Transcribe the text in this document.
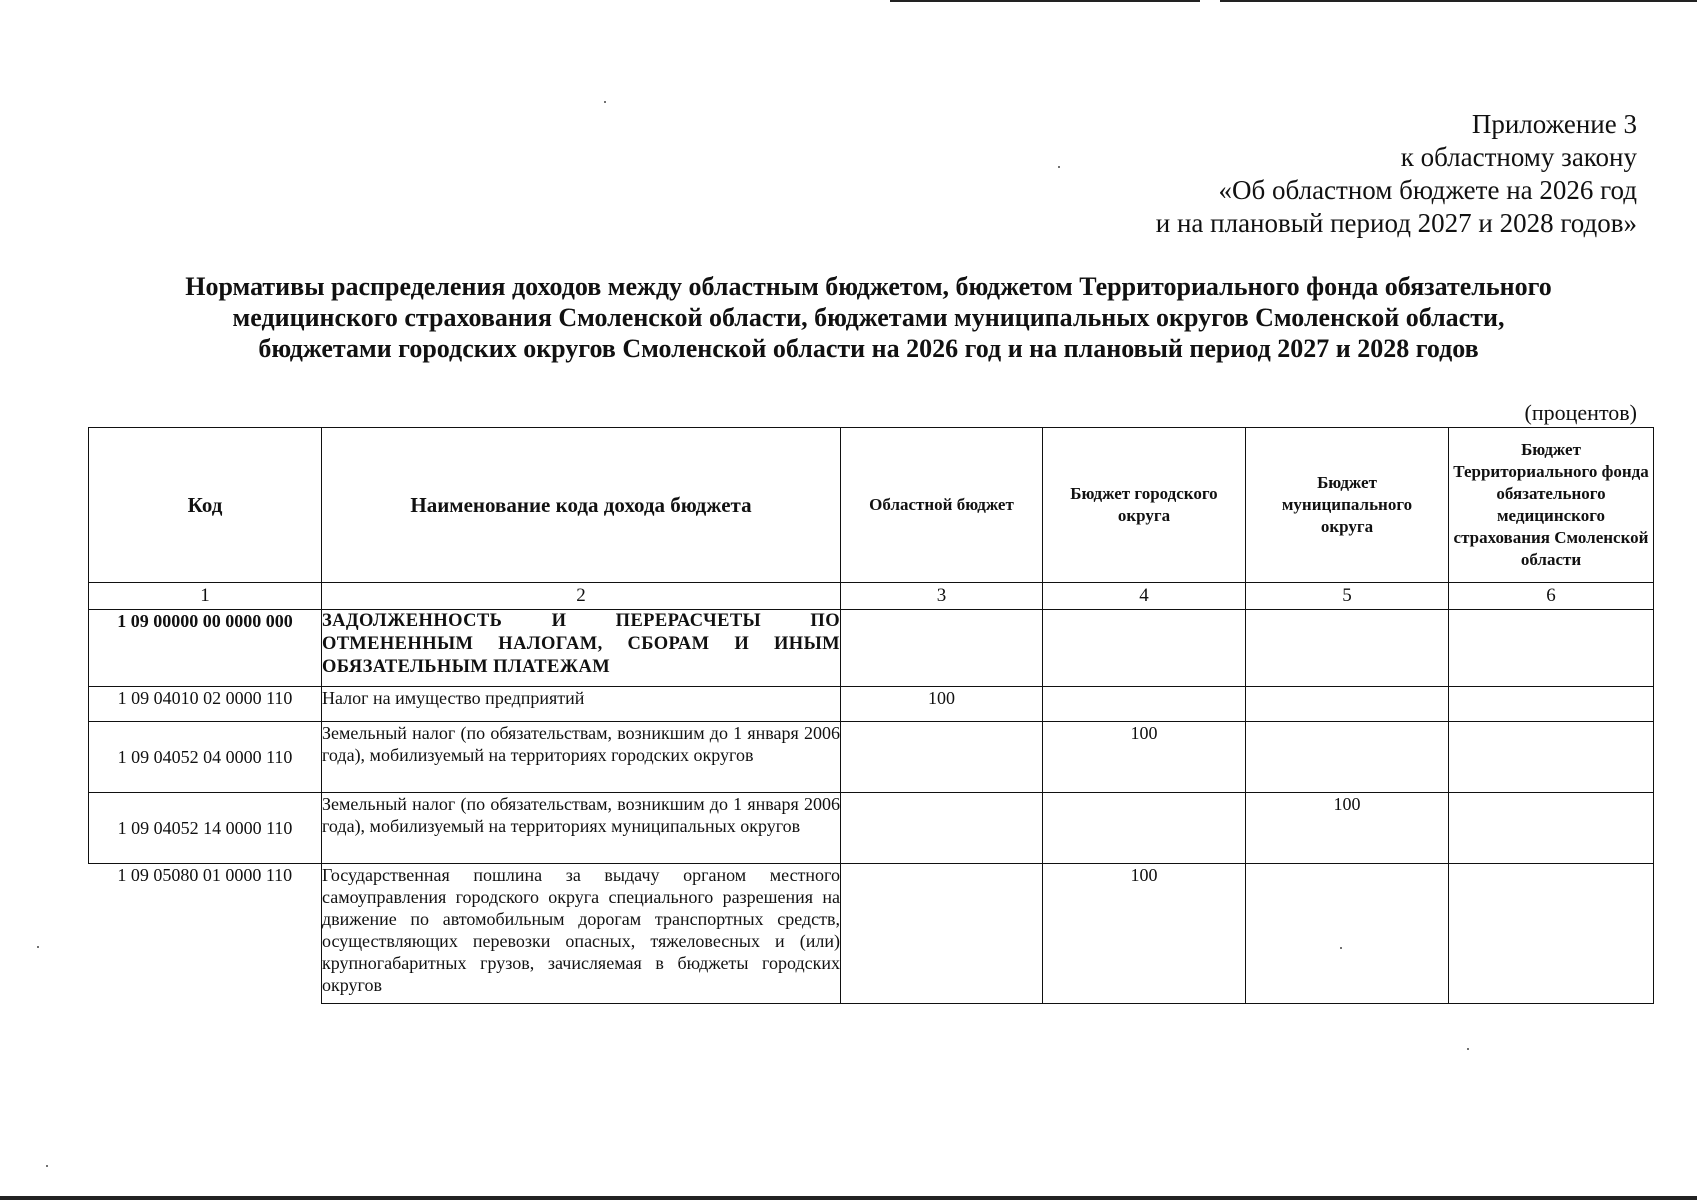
Приложение 3
к областному закону
«Об областном бюджете на 2026 год
и на плановый период 2027 и 2028 годов»
Нормативы распределения доходов между областным бюджетом, бюджетом Территориального фонда обязательного
медицинского страхования Смоленской области, бюджетами муниципальных округов Смоленской области,
бюджетами городских округов Смоленской области на 2026 год и на плановый период 2027 и 2028 годов
(процентов)
Код	Наименование кода дохода бюджета	Областной бюджет	Бюджет городского округа	Бюджет муниципального округа	Бюджет Территориального фонда обязательного медицинского страхования Смоленской области
1	2	3	4	5	6
1 09 00000 00 0000 000	ЗАДОЛЖЕННОСТЬ И ПЕРЕРАСЧЕТЫ ПО ОТМЕНЕННЫМ НАЛОГАМ, СБОРАМ И ИНЫМ ОБЯЗАТЕЛЬНЫМ ПЛАТЕЖАМ				
1 09 04010 02 0000 110	Налог на имущество предприятий	100			
1 09 04052 04 0000 110	Земельный налог (по обязательствам, возникшим до 1 января 2006 года), мобилизуемый на территориях городских округов		100		
1 09 04052 14 0000 110	Земельный налог (по обязательствам, возникшим до 1 января 2006 года), мобилизуемый на территориях муниципальных округов			100	
1 09 05080 01 0000 110	Государственная пошлина за выдачу органом местного самоуправления городского округа специального разрешения на движение по автомобильным дорогам транспортных средств, осуществляющих перевозки опасных, тяжеловесных и (или) крупногабаритных грузов, зачисляемая в бюджеты городских округов		100		
